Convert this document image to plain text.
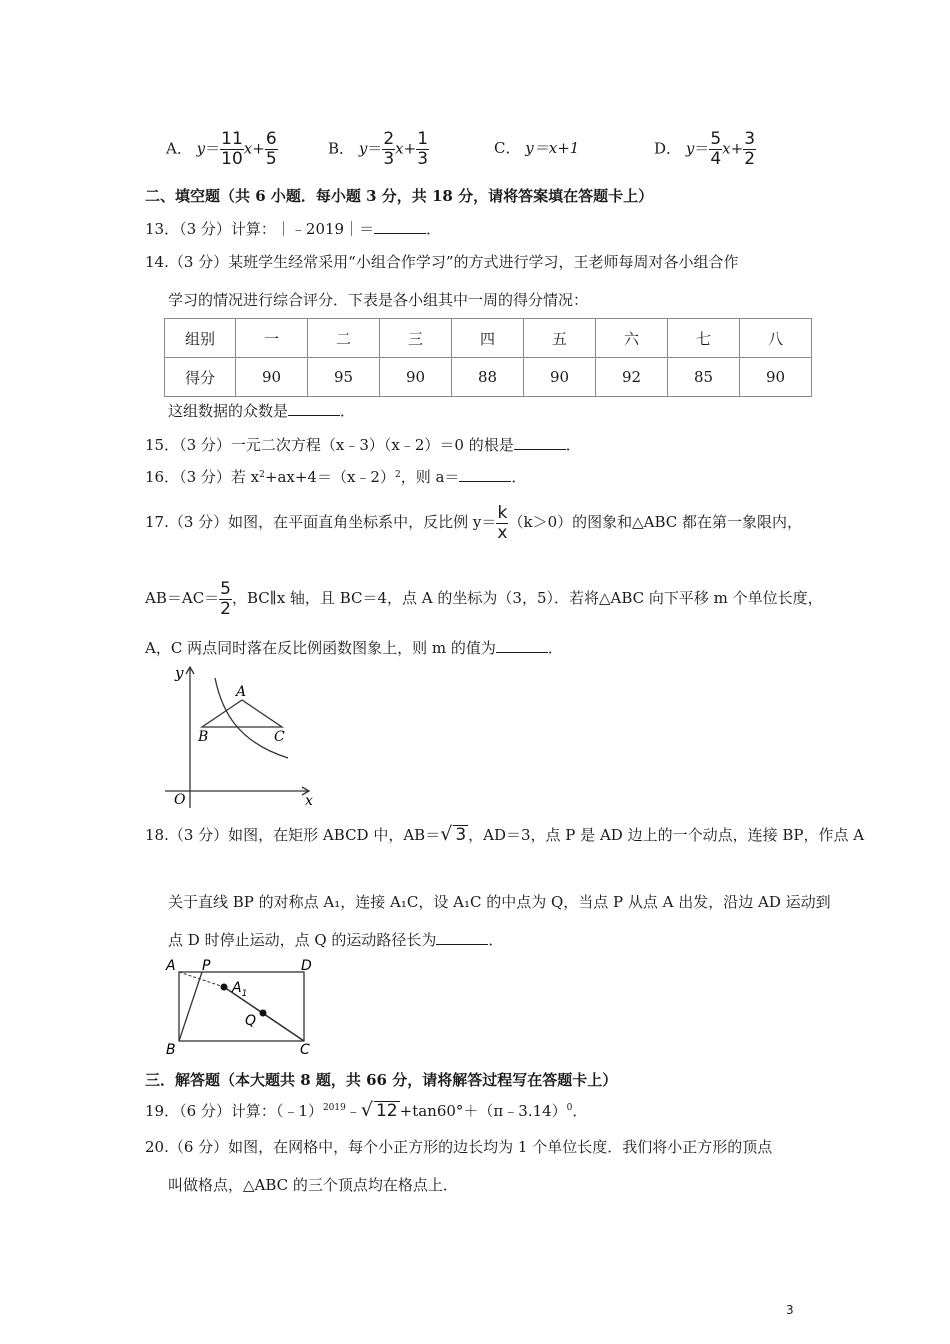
A． $y= \frac{11}{10} x+ \frac{6}{5}$	B． $y= \frac{2}{3} x+ \frac{1}{3}$	C． y＝x+1	D． $y= \frac{5}{4} x+ \frac{3}{2}$
二、填空题（共 6 小题．每小题 3 分，共 18 分，请将答案填在答题卡上）
13．（3 分）计算：｜﹣2019｜＝	．
14.（3 分）某班学生经常采用“小组合作学习”的方式进行学习，王老师每周对各小组合作
学习的情况进行综合评分．下表是各小组其中一周的得分情况：
组别	一	二	三	四	五	六	七	八
得分	90	95	90	88	90	92	85	90
这组数据的众数是	．
15．（3 分）一元二次方程（x﹣3）（x﹣2）＝0 的根是	．
16．（3 分）若 $x^2+ax+4=(x﹣2)^2$，则 a＝	．
17.（3 分）如图，在平面直角坐标系中，反比例 $y= \frac{k}{x} (k>0)$的图象和△ABC 都在第一象限内，
$AB=AC= \frac{5}{2}$ ，BC∥x 轴，且 BC＝4，点 A 的坐标为（3，5）．若将△ABC 向下平移 m 个单位长度，
A，C 两点同时落在反比例函数图象上，则 m 的值为	．
y
A
B	C
O	x
18.（3 分）如图，在矩形 ABCD 中，AB＝√ 3 ，AD＝3，点 P 是 AD 边上的一个动点，连接 BP，作点 A
关于直线 BP 的对称点 A₁，连接 A₁C，设 A₁C 的中点为 Q，当点 P 从点 A 出发，沿边 AD 运动到
点 D 时停止运动，点 Q 的运动路径长为	．
A P	D
$A_1$
Q
B	C
三．解答题（本大题共 8 题，共 66 分，请将解答过程写在答题卡上）
19．（6 分）计算：（﹣1）$^{2019}$﹣√ 12 +tan60°＋（π﹣3.14）$^0$．
20.（6 分）如图，在网格中，每个小正方形的边长均为 1 个单位长度．我们将小正方形的顶点
叫做格点，△ABC 的三个顶点均在格点上．
3
